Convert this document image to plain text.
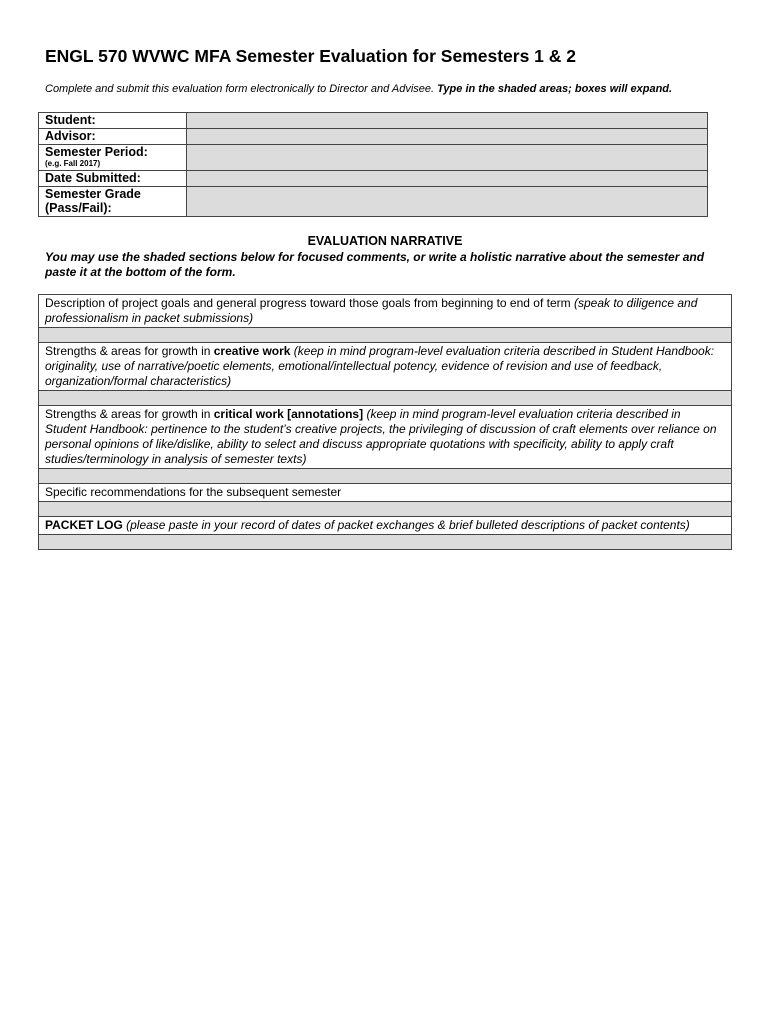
ENGL 570 WVWC MFA Semester Evaluation for Semesters 1 & 2
Complete and submit this evaluation form electronically to Director and Advisee. Type in the shaded areas; boxes will expand.
Student:	
Advisor:	
Semester Period:
(e.g. Fall 2017)	

Date Submitted:	
Semester Grade
(Pass/Fail):	
EVALUATION NARRATIVE
You may use the shaded sections below for focused comments, or write a holistic narrative about the semester and paste it at the bottom of the form.
Description of project goals and general progress toward those goals from beginning to end of term (speak to diligence and professionalism in packet submissions)

Strengths & areas for growth in creative work (keep in mind program-level evaluation criteria described in Student Handbook: originality, use of narrative/poetic elements, emotional/intellectual potency, evidence of revision and use of feedback, organization/formal characteristics)

Strengths & areas for growth in critical work [annotations] (keep in mind program-level evaluation criteria described in Student Handbook: pertinence to the student’s creative projects, the privileging of discussion of craft elements over reliance on personal opinions of like/dislike, ability to select and discuss appropriate quotations with specificity, ability to apply craft studies/terminology in analysis of semester texts)

Specific recommendations for the subsequent semester

PACKET LOG (please paste in your record of dates of packet exchanges & brief bulleted descriptions of packet contents)
